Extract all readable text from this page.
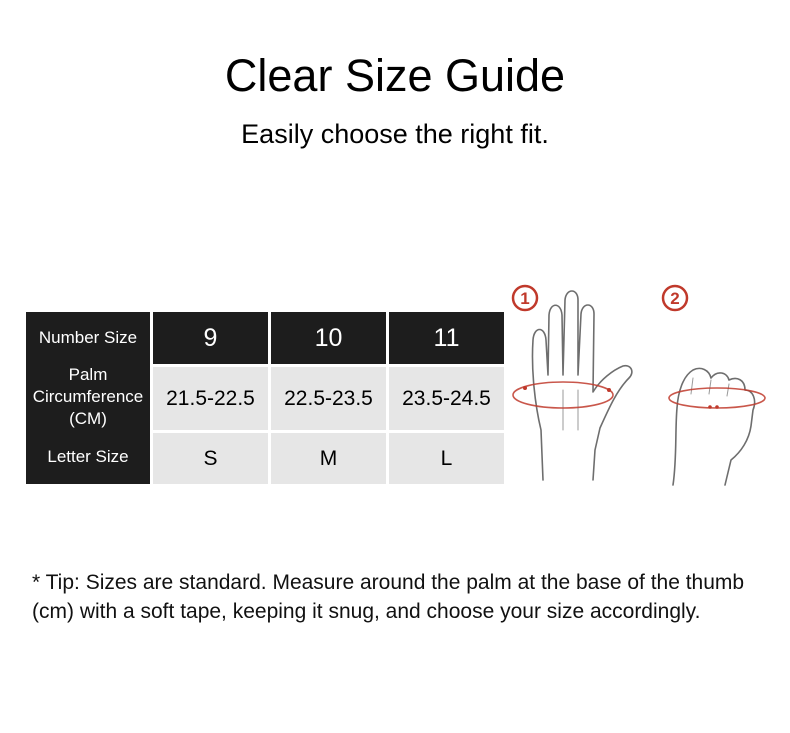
Clear Size Guide
Easily choose the right fit.
Number Size	9	10	11
Palm
Circumference
(CM)	21.5-22.5	22.5-23.5	23.5-24.5
Letter Size	S	M	L
1	2
* Tip: Sizes are standard. Measure around the palm at the base of the thumb (cm) with a soft tape, keeping it snug, and choose your size accordingly.
